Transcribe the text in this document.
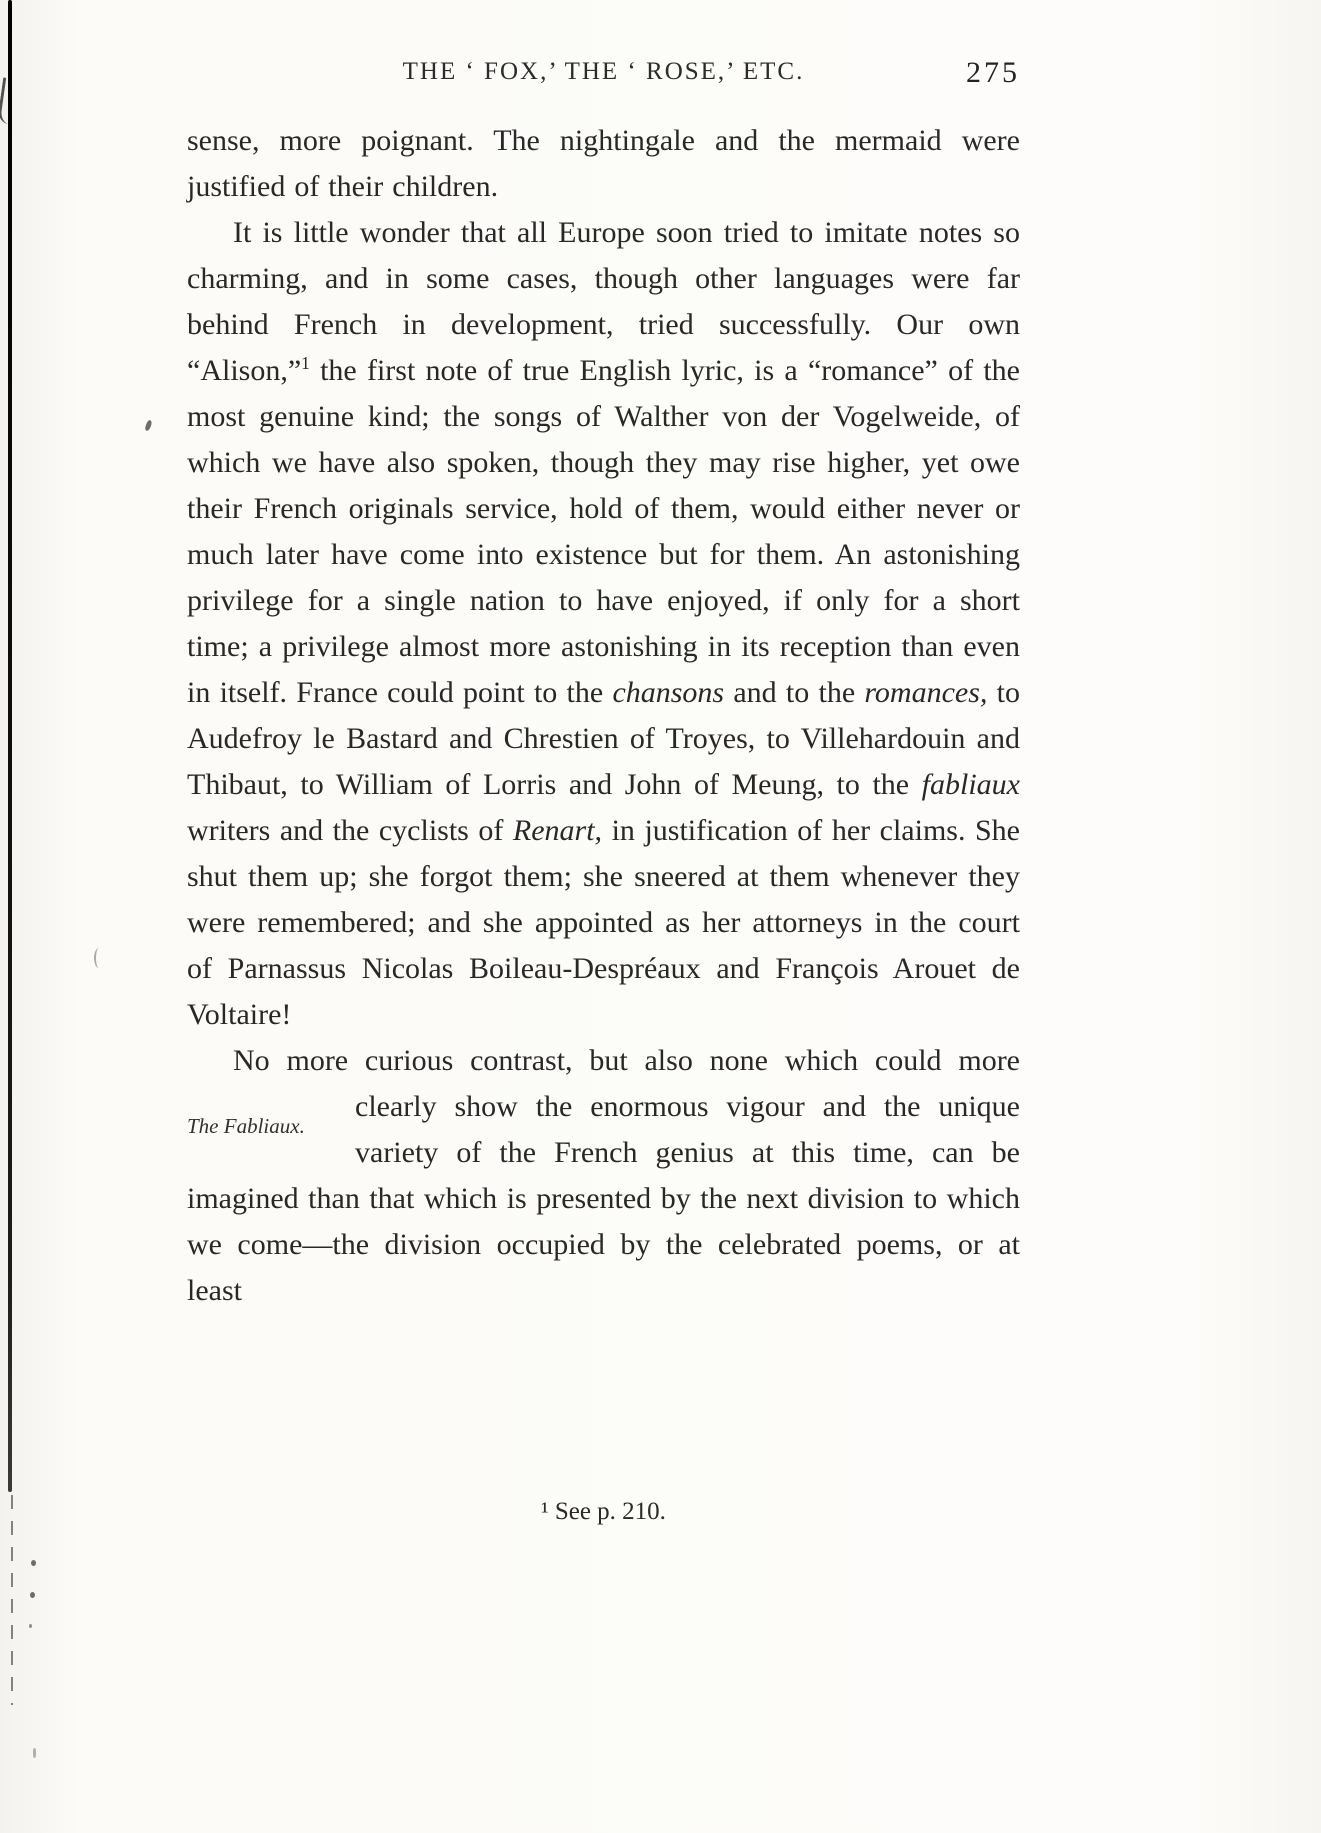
THE ‘ FOX,’ THE ‘ ROSE,’ ETC.	275

sense, more poignant. The nightingale and the mermaid were justified of their children.

It is little wonder that all Europe soon tried to imitate notes so charming, and in some cases, though other languages were far behind French in development, tried successfully. Our own “Alison,”$^1$ the first note of true English lyric, is a “romance” of the most genuine kind; the songs of Walther von der Vogelweide, of which we have also spoken, though they may rise higher, yet owe their French originals service, hold of them, would either never or much later have come into existence but for them. An astonishing privilege for a single nation to have enjoyed, if only for a short time; a privilege almost more astonishing in its reception than even in itself. France could point to the chansons and to the romances, to Audefroy le Bastard and Chrestien of Troyes, to Villehardouin and Thibaut, to William of Lorris and John of Meung, to the fabliaux writers and the cyclists of Renart, in justification of her claims. She shut them up; she forgot them; she sneered at them whenever they were remembered; and she appointed as her attorneys in the court of Parnassus Nicolas Boileau-Despréaux and François Arouet de Voltaire!

No more curious contrast, but also none which could more clearly show the enormous vigour and the unique
The Fabliaux.
variety of the French genius at this time, can be imagined than that which is presented by the next division to which we come—the division occupied by the celebrated poems, or at least

¹ See p. 210.
